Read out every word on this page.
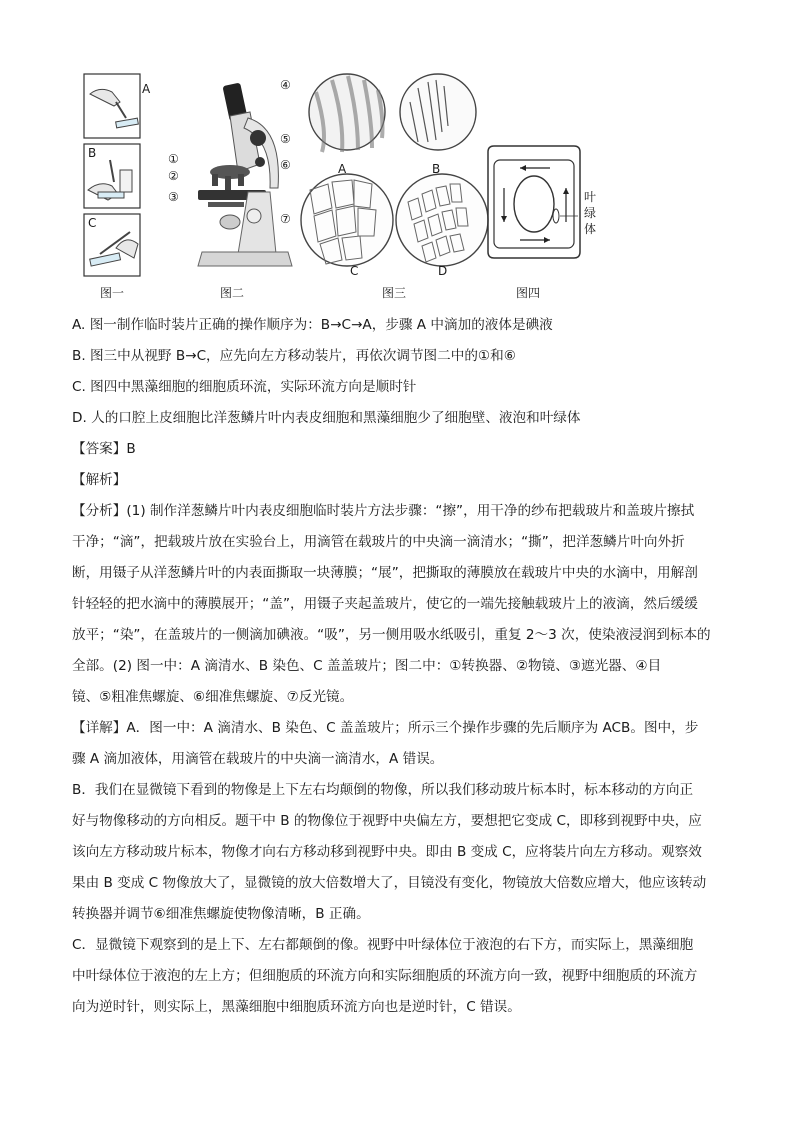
A
B
C
①
②
③
④
⑤
⑥
⑦
A	B
C	D
叶
绿
体
图一	图二	图三	图四
A. 图一制作临时装片正确的操作顺序为：B→C→A，步骤 A 中滴加的液体是碘液
B. 图三中从视野 B→C，应先向左方移动装片，再依次调节图二中的①和⑥
C. 图四中黑藻细胞的细胞质环流，实际环流方向是顺时针
D. 人的口腔上皮细胞比洋葱鳞片叶内表皮细胞和黑藻细胞少了细胞壁、液泡和叶绿体
【答案】B
【解析】
【分析】(1) 制作洋葱鳞片叶内表皮细胞临时装片方法步骤：“擦”，用干净的纱布把载玻片和盖玻片擦拭
干净；“滴”，把载玻片放在实验台上，用滴管在载玻片的中央滴一滴清水；“撕”，把洋葱鳞片叶向外折
断，用镊子从洋葱鳞片叶的内表面撕取一块薄膜；“展”，把撕取的薄膜放在载玻片中央的水滴中，用解剖
针轻轻的把水滴中的薄膜展开；“盖”，用镊子夹起盖玻片，使它的一端先接触载玻片上的液滴，然后缓缓
放平；“染”，在盖玻片的一侧滴加碘液。“吸”，另一侧用吸水纸吸引，重复 2～3 次，使染液浸润到标本的
全部。(2) 图一中：A 滴清水、B 染色、C 盖盖玻片；图二中：①转换器、②物镜、③遮光器、④目
镜、⑤粗准焦螺旋、⑥细准焦螺旋、⑦反光镜。
【详解】A．图一中：A 滴清水、B 染色、C 盖盖玻片；所示三个操作步骤的先后顺序为 ACB。图中，步
骤 A 滴加液体，用滴管在载玻片的中央滴一滴清水，A 错误。
B．我们在显微镜下看到的物像是上下左右均颠倒的物像，所以我们移动玻片标本时，标本移动的方向正
好与物像移动的方向相反。题干中 B 的物像位于视野中央偏左方，要想把它变成 C，即移到视野中央，应
该向左方移动玻片标本，物像才向右方移动移到视野中央。即由 B 变成 C，应将装片向左方移动。观察效
果由 B 变成 C 物像放大了，显微镜的放大倍数增大了，目镜没有变化，物镜放大倍数应增大，他应该转动
转换器并调节⑥细准焦螺旋使物像清晰，B 正确。
C．显微镜下观察到的是上下、左右都颠倒的像。视野中叶绿体位于液泡的右下方，而实际上，黑藻细胞
中叶绿体位于液泡的左上方；但细胞质的环流方向和实际细胞质的环流方向一致，视野中细胞质的环流方
向为逆时针，则实际上，黑藻细胞中细胞质环流方向也是逆时针，C 错误。
